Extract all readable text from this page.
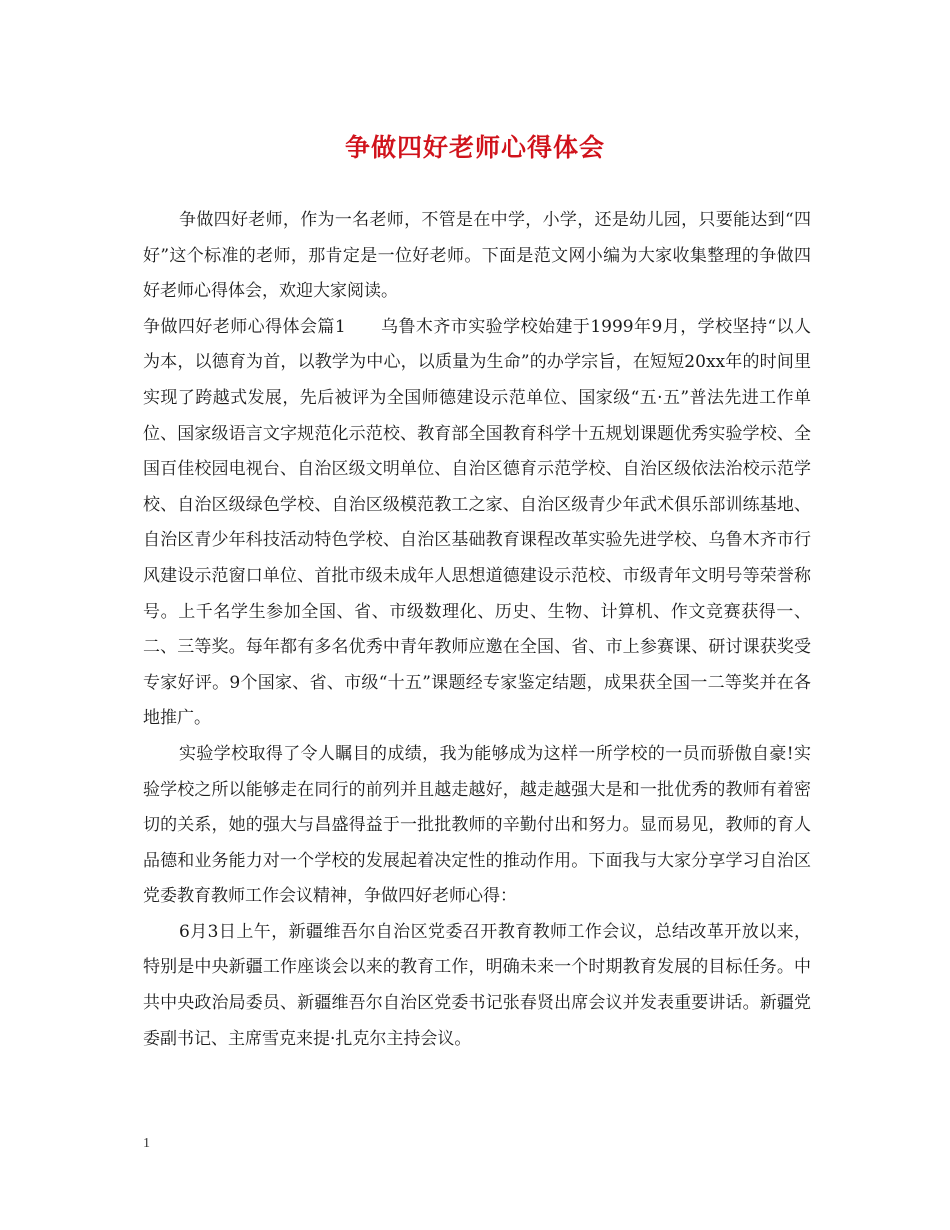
争做四好老师心得体会

争做四好老师，作为一名老师，不管是在中学，小学，还是幼儿园，只要能达到“四好”这个标准的老师，那肯定是一位好老师。下面是范文网小编为大家收集整理的争做四好老师心得体会，欢迎大家阅读。

争做四好老师心得体会篇1　　乌鲁木齐市实验学校始建于1999年9月，学校坚持“以人为本，以德育为首，以教学为中心，以质量为生命”的办学宗旨，在短短20xx年的时间里实现了跨越式发展，先后被评为全国师德建设示范单位、国家级“五·五”普法先进工作单位、国家级语言文字规范化示范校、教育部全国教育科学十五规划课题优秀实验学校、全国百佳校园电视台、自治区级文明单位、自治区德育示范学校、自治区级依法治校示范学校、自治区级绿色学校、自治区级模范教工之家、自治区级青少年武术俱乐部训练基地、自治区青少年科技活动特色学校、自治区基础教育课程改革实验先进学校、乌鲁木齐市行风建设示范窗口单位、首批市级未成年人思想道德建设示范校、市级青年文明号等荣誉称号。上千名学生参加全国、省、市级数理化、历史、生物、计算机、作文竞赛获得一、二、三等奖。每年都有多名优秀中青年教师应邀在全国、省、市上参赛课、研讨课获奖受专家好评。9个国家、省、市级“十五”课题经专家鉴定结题，成果获全国一二等奖并在各地推广。

实验学校取得了令人瞩目的成绩，我为能够成为这样一所学校的一员而骄傲自豪!实验学校之所以能够走在同行的前列并且越走越好，越走越强大是和一批优秀的教师有着密切的关系，她的强大与昌盛得益于一批批教师的辛勤付出和努力。显而易见，教师的育人品德和业务能力对一个学校的发展起着决定性的推动作用。下面我与大家分享学习自治区党委教育教师工作会议精神，争做四好老师心得：

6月3日上午，新疆维吾尔自治区党委召开教育教师工作会议，总结改革开放以来，特别是中央新疆工作座谈会以来的教育工作，明确未来一个时期教育发展的目标任务。中共中央政治局委员、新疆维吾尔自治区党委书记张春贤出席会议并发表重要讲话。新疆党委副书记、主席雪克来提·扎克尔主持会议。

1
